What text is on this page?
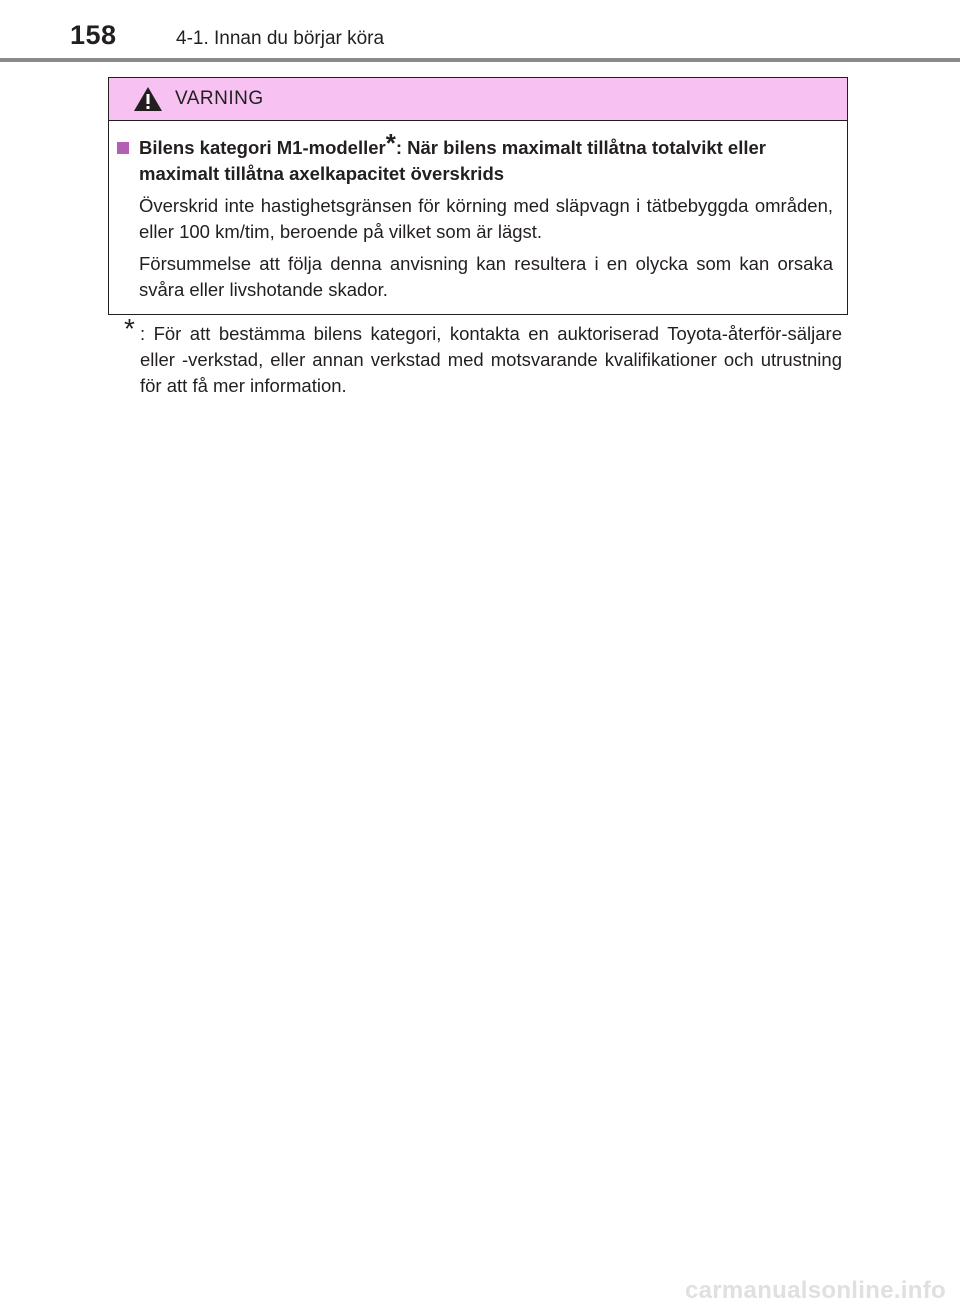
158	4-1. Innan du börjar köra
VARNING
Bilens kategori M1-modeller*: När bilens maximalt tillåtna totalvikt eller maximalt tillåtna axelkapacitet överskrids

Överskrid inte hastighetsgränsen för körning med släpvagn i tätbebyggda områden, eller 100 km/tim, beroende på vilket som är lägst.

Försummelse att följa denna anvisning kan resultera i en olycka som kan orsaka svåra eller livshotande skador.

* : För att bestämma bilens kategori, kontakta en auktoriserad Toyota-återför-säljare eller -verkstad, eller annan verkstad med motsvarande kvalifikationer och utrustning för att få mer information.
carmanualsonline.info
